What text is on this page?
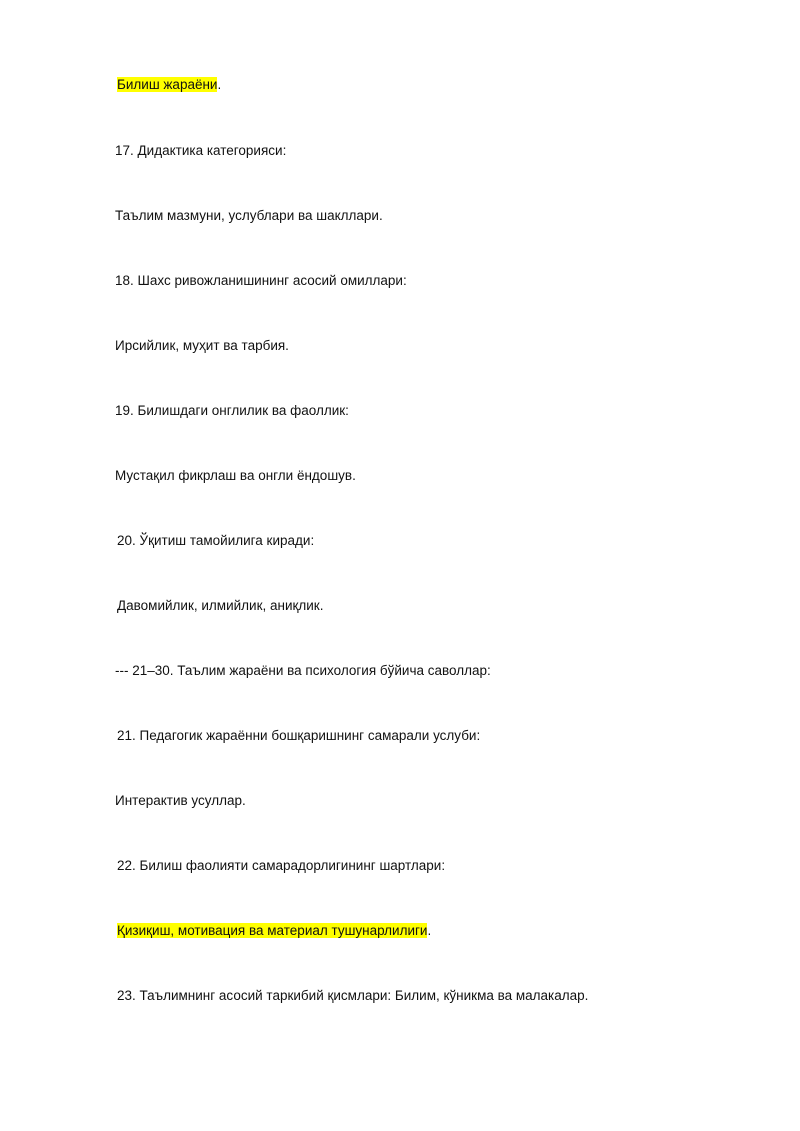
Билиш жараёни.
17. Дидактика категорияси:
Таълим мазмуни, услублари ва шакллари.
18. Шахс ривожланишининг асосий омиллари:
Ирсийлик, муҳит ва тарбия.
19. Билишдаги онглилик ва фаоллик:
Мустақил фикрлаш ва онгли ёндошув.
20. Ўқитиш тамойилига киради:
Давомийлик, илмийлик, аниқлик.
--- 21–30. Таълим жараёни ва психология бўйича саволлар:
21. Педагогик жараённи бошқаришнинг самарали услуби:
Интерактив усуллар.
22. Билиш фаолияти самарадорлигининг шартлари:
Қизиқиш, мотивация ва материал тушунарлилиги.
23. Таълимнинг асосий таркибий қисмлари: Билим, кўникма ва малакалар.
